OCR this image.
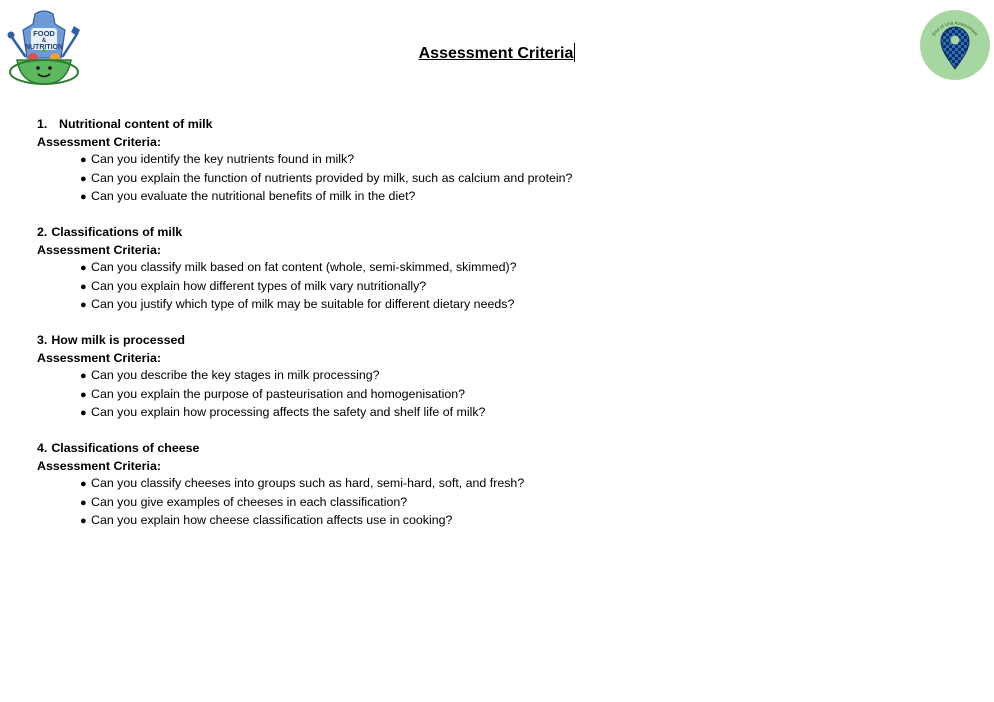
FOOD
&
NUTRITION
End of Unit Assessment
Assessment Criteria
1. Nutritional content of milk
Assessment Criteria:
● Can you identify the key nutrients found in milk?
● Can you explain the function of nutrients provided by milk, such as calcium and protein?
● Can you evaluate the nutritional benefits of milk in the diet?
2. Classifications of milk
Assessment Criteria:
● Can you classify milk based on fat content (whole, semi-skimmed, skimmed)?
● Can you explain how different types of milk vary nutritionally?
● Can you justify which type of milk may be suitable for different dietary needs?
3. How milk is processed
Assessment Criteria:
● Can you describe the key stages in milk processing?
● Can you explain the purpose of pasteurisation and homogenisation?
● Can you explain how processing affects the safety and shelf life of milk?
4. Classifications of cheese
Assessment Criteria:
● Can you classify cheeses into groups such as hard, semi-hard, soft, and fresh?
● Can you give examples of cheeses in each classification?
● Can you explain how cheese classification affects use in cooking?
